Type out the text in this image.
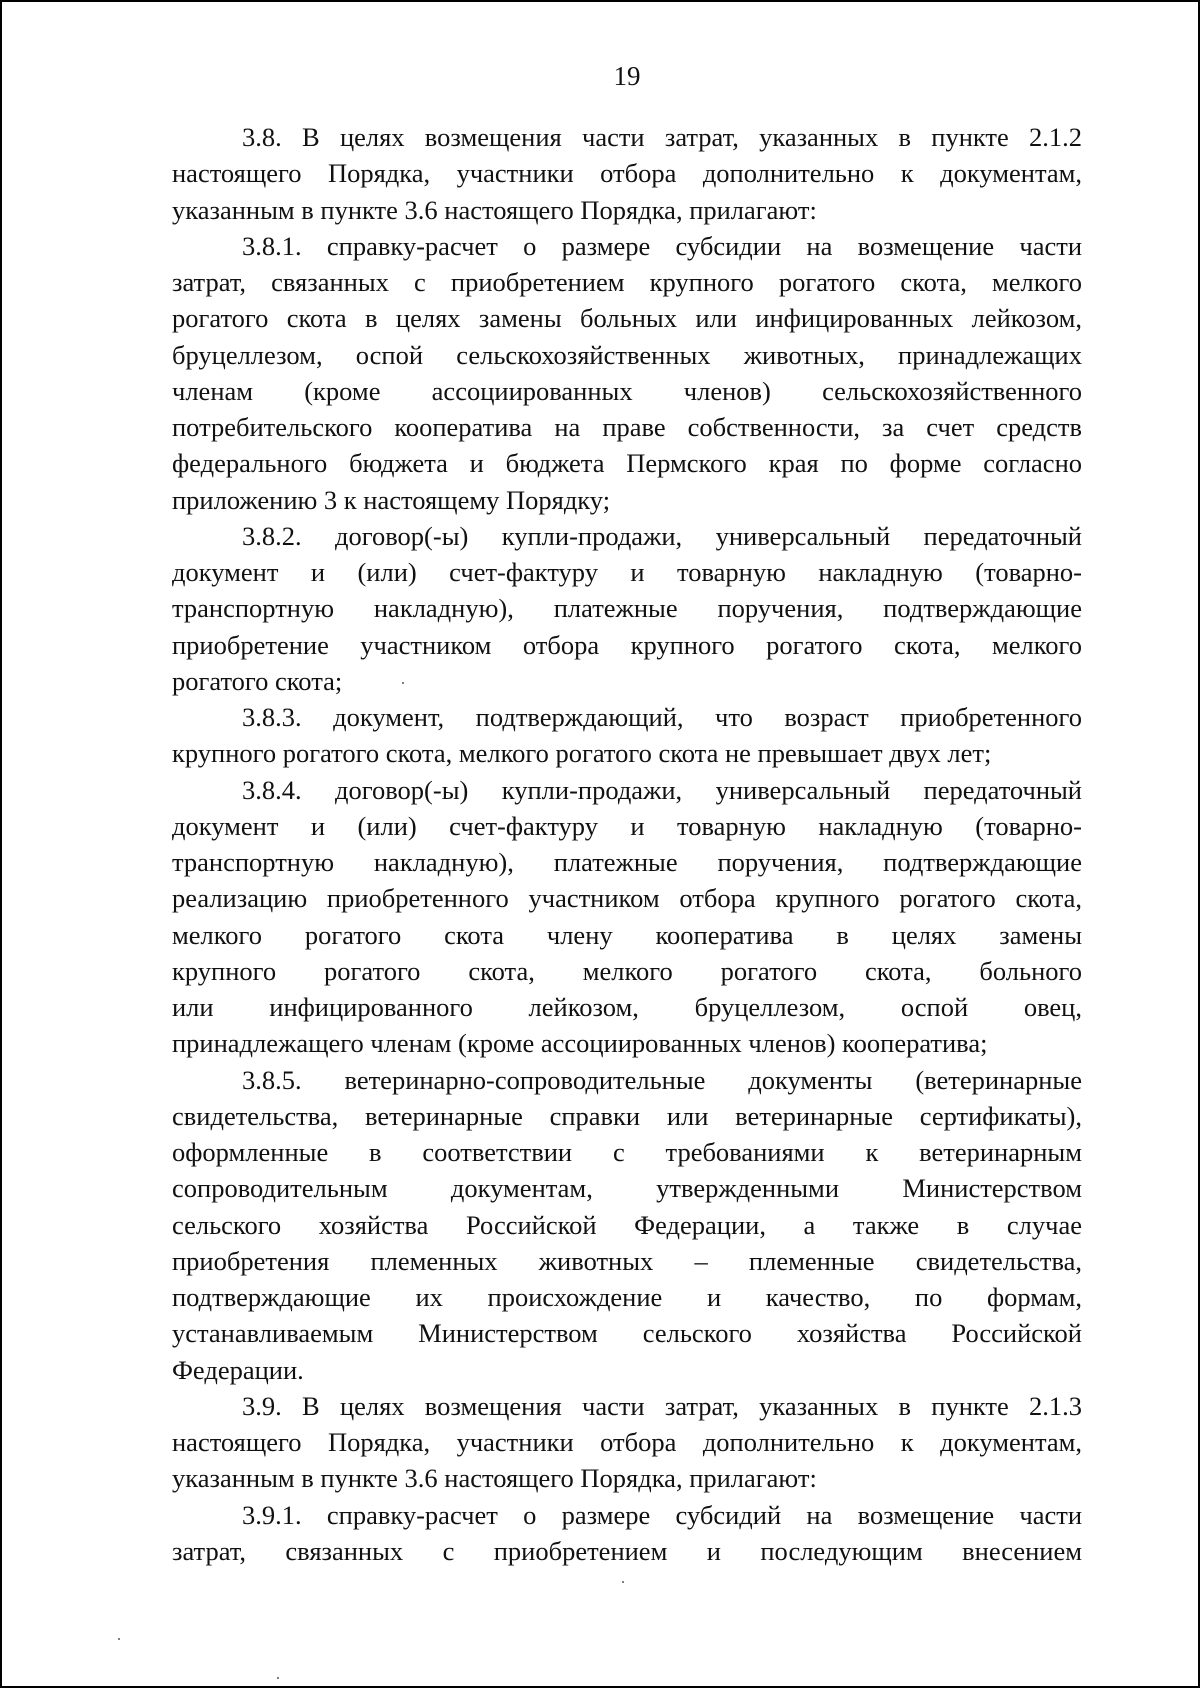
19
3.8. В целях возмещения части затрат, указанных в пункте 2.1.2
настоящего Порядка, участники отбора дополнительно к документам,
указанным в пункте 3.6 настоящего Порядка, прилагают:
3.8.1. справку-расчет о размере субсидии на возмещение части
затрат, связанных с приобретением крупного рогатого скота, мелкого
рогатого скота в целях замены больных или инфицированных лейкозом,
бруцеллезом, оспой сельскохозяйственных животных, принадлежащих
членам (кроме ассоциированных членов) сельскохозяйственного
потребительского кооператива на праве собственности, за счет средств
федерального бюджета и бюджета Пермского края по форме согласно
приложению 3 к настоящему Порядку;
3.8.2. договор(-ы) купли-продажи, универсальный передаточный
документ и (или) счет-фактуру и товарную накладную (товарно-
транспортную накладную), платежные поручения, подтверждающие
приобретение участником отбора крупного рогатого скота, мелкого
рогатого скота;
3.8.3. документ, подтверждающий, что возраст приобретенного
крупного рогатого скота, мелкого рогатого скота не превышает двух лет;
3.8.4. договор(-ы) купли-продажи, универсальный передаточный
документ и (или) счет-фактуру и товарную накладную (товарно-
транспортную накладную), платежные поручения, подтверждающие
реализацию приобретенного участником отбора крупного рогатого скота,
мелкого рогатого скота члену кооператива в целях замены
крупного рогатого скота, мелкого рогатого скота, больного
или инфицированного лейкозом, бруцеллезом, оспой овец,
принадлежащего членам (кроме ассоциированных членов) кооператива;
3.8.5. ветеринарно-сопроводительные документы (ветеринарные
свидетельства, ветеринарные справки или ветеринарные сертификаты),
оформленные в соответствии с требованиями к ветеринарным
сопроводительным документам, утвержденными Министерством
сельского хозяйства Российской Федерации, а также в случае
приобретения племенных животных – племенные свидетельства,
подтверждающие их происхождение и качество, по формам,
устанавливаемым Министерством сельского хозяйства Российской
Федерации.
3.9. В целях возмещения части затрат, указанных в пункте 2.1.3
настоящего Порядка, участники отбора дополнительно к документам,
указанным в пункте 3.6 настоящего Порядка, прилагают:
3.9.1. справку-расчет о размере субсидий на возмещение части
затрат, связанных с приобретением и последующим внесением
